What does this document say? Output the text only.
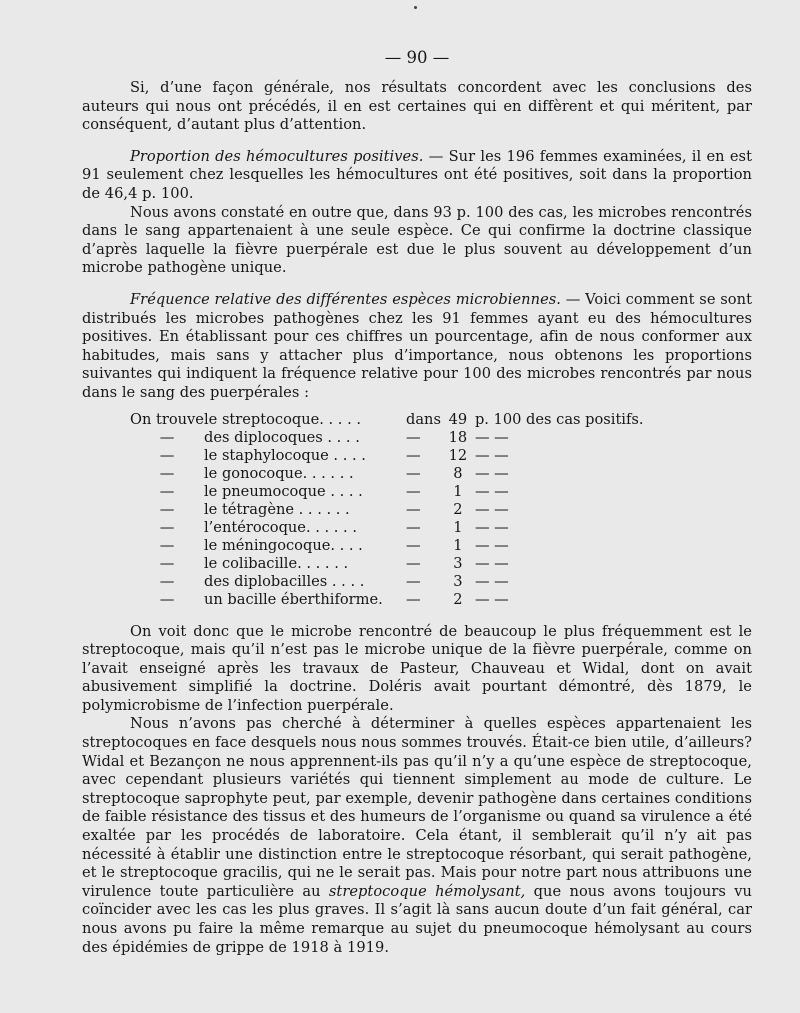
— 90 —

Si, d’une façon générale, nos résultats concordent avec les conclusions des auteurs qui nous ont précédés, il en est certaines qui en diffèrent et qui méritent, par conséquent, d’autant plus d’attention.

Proportion des hémocultures positives. — Sur les 196 femmes examinées, il en est 91 seulement chez lesquelles les hémocultures ont été positives, soit dans la proportion de 46,4 p. 100.

Nous avons constaté en outre que, dans 93 p. 100 des cas, les microbes rencontrés dans le sang appartenaient à une seule espèce. Ce qui confirme la doctrine classique d’après laquelle la fièvre puerpérale est due le plus souvent au développement d’un microbe pathogène unique.

Fréquence relative des différentes espèces microbiennes. — Voici comment se sont distribués les microbes pathogènes chez les 91 femmes ayant eu des hémocultures positives. En établissant pour ces chiffres un pourcentage, afin de nous conformer aux habitudes, mais sans y attacher plus d’importance, nous obtenons les proportions suivantes qui indiquent la fréquence relative pour 100 des microbes rencontrés par nous dans le sang des puerpérales :

On trouve	le streptocoque. . . . .	dans	49	p. 100 des cas positifs.
—	des diplocoques . . . .	—	18	— —
—	le staphylocoque . . . .	—	12	— —
—	le gonocoque. . . . . .	—	8	— —
—	le pneumocoque . . . .	—	1	— —
—	le tétragène . . . . . .	—	2	— —
—	l’entérocoque. . . . . .	—	1	— —
—	le méningocoque. . . .	—	1	— —
—	le colibacille. . . . . .	—	3	— —
—	des diplobacilles . . . .	—	3	— —
—	un bacille éberthiforme.	—	2	— —

On voit donc que le microbe rencontré de beaucoup le plus fréquemment est le streptocoque, mais qu’il n’est pas le microbe unique de la fièvre puerpérale, comme on l’avait enseigné après les travaux de Pasteur, Chauveau et Widal, dont on avait abusivement simplifié la doctrine. Doléris avait pourtant démontré, dès 1879, le polymicrobisme de l’infection puerpérale.

Nous n’avons pas cherché à déterminer à quelles espèces appartenaient les streptocoques en face desquels nous nous sommes trouvés. Était-ce bien utile, d’ailleurs? Widal et Bezançon ne nous apprennent-ils pas qu’il n’y a qu’une espèce de streptocoque, avec cependant plusieurs variétés qui tiennent simplement au mode de culture. Le streptocoque saprophyte peut, par exemple, devenir pathogène dans certaines conditions de faible résistance des tissus et des humeurs de l’organisme ou quand sa virulence a été exaltée par les procédés de laboratoire. Cela étant, il semblerait qu’il n’y ait pas nécessité à établir une distinction entre le streptocoque résorbant, qui serait pathogène, et le streptocoque gracilis, qui ne le serait pas. Mais pour notre part nous attribuons une virulence toute particulière au streptocoque hémolysant, que nous avons toujours vu coïncider avec les cas les plus graves. Il s’agit là sans aucun doute d’un fait général, car nous avons pu faire la même remarque au sujet du pneumocoque hémolysant au cours des épidémies de grippe de 1918 à 1919.
